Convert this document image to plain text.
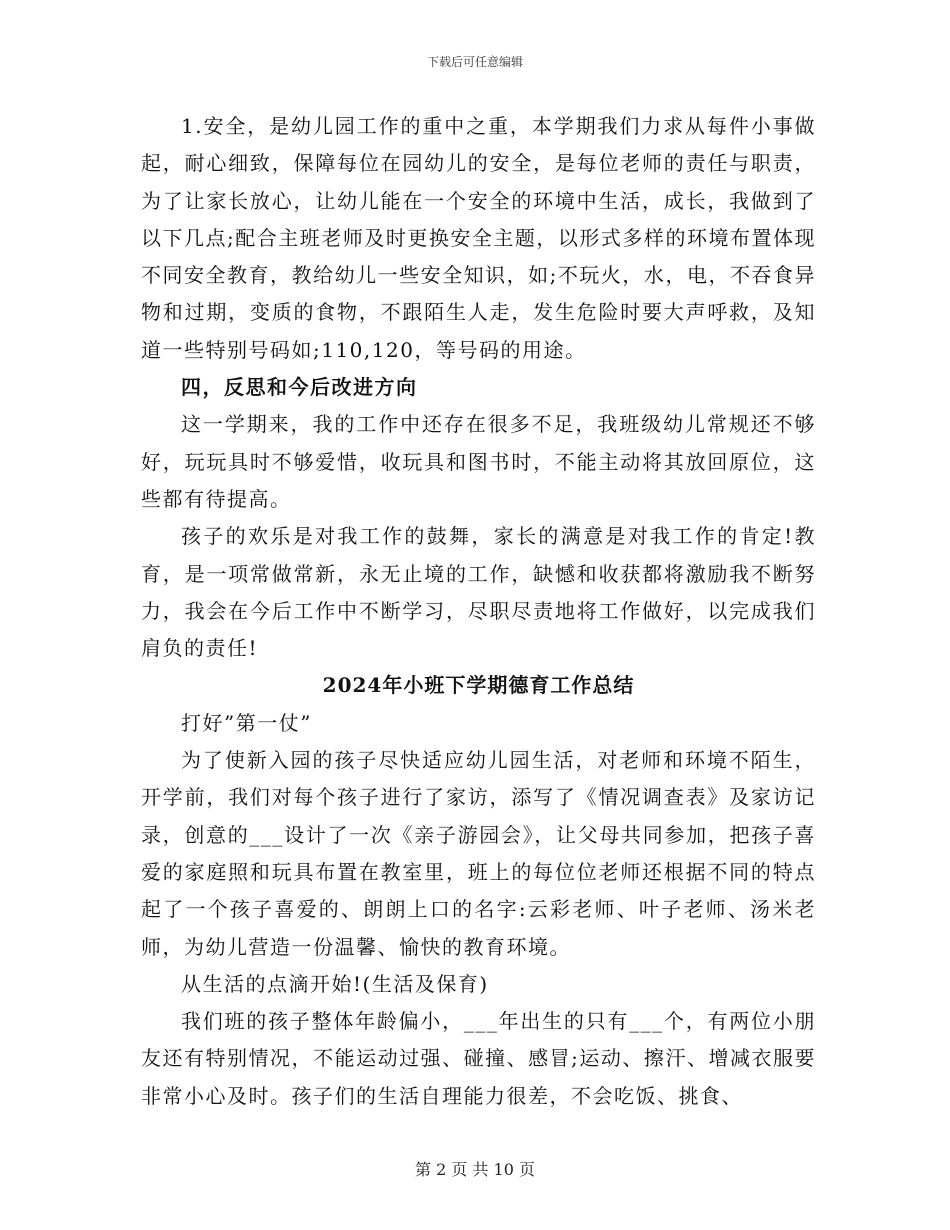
下载后可任意编辑

1.安全，是幼儿园工作的重中之重，本学期我们力求从每件小事做起，耐心细致，保障每位在园幼儿的安全，是每位老师的责任与职责，为了让家长放心，让幼儿能在一个安全的环境中生活，成长，我做到了以下几点;配合主班老师及时更换安全主题，以形式多样的环境布置体现不同安全教育，教给幼儿一些安全知识，如;不玩火，水，电，不吞食异物和过期，变质的食物，不跟陌生人走，发生危险时要大声呼救，及知道一些特别号码如;110,120，等号码的用途。

四，反思和今后改进方向

这一学期来，我的工作中还存在很多不足，我班级幼儿常规还不够好，玩玩具时不够爱惜，收玩具和图书时，不能主动将其放回原位，这些都有待提高。

孩子的欢乐是对我工作的鼓舞，家长的满意是对我工作的肯定!教育，是一项常做常新，永无止境的工作，缺憾和收获都将激励我不断努力，我会在今后工作中不断学习，尽职尽责地将工作做好，以完成我们肩负的责任!

2024年小班下学期德育工作总结

打好”第一仗”

为了使新入园的孩子尽快适应幼儿园生活，对老师和环境不陌生，开学前，我们对每个孩子进行了家访，添写了《情况调查表》及家访记录，创意的___设计了一次《亲子游园会》，让父母共同参加，把孩子喜爱的家庭照和玩具布置在教室里，班上的每位位老师还根据不同的特点起了一个孩子喜爱的、朗朗上口的名字:云彩老师、叶子老师、汤米老师，为幼儿营造一份温馨、愉快的教育环境。

从生活的点滴开始!(生活及保育)

我们班的孩子整体年龄偏小，___年出生的只有___个，有两位小朋友还有特别情况，不能运动过强、碰撞、感冒;运动、擦汗、增减衣服要非常小心及时。孩子们的生活自理能力很差，不会吃饭、挑食、

第 2 页 共 10 页
